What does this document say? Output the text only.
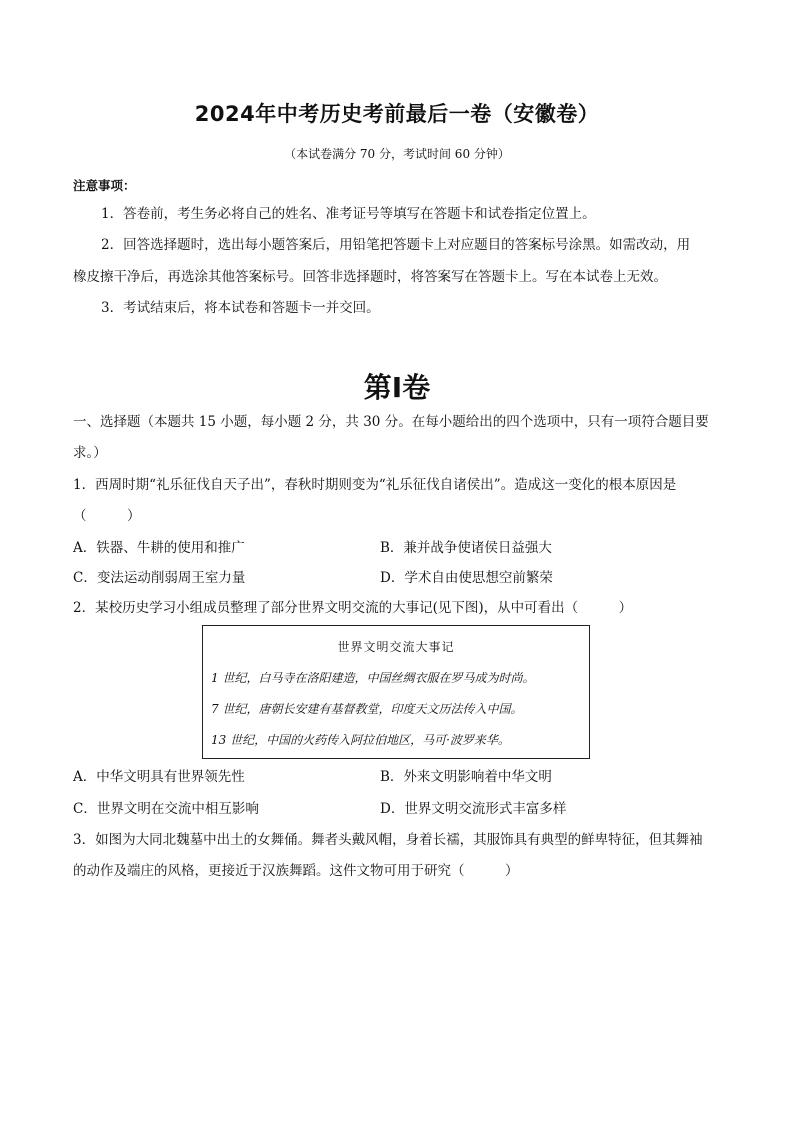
2024年中考历史考前最后一卷（安徽卷）
（本试卷满分 70 分，考试时间 60 分钟）
注意事项：
1．答卷前，考生务必将自己的姓名、准考证号等填写在答题卡和试卷指定位置上。
2．回答选择题时，选出每小题答案后，用铅笔把答题卡上对应题目的答案标号涂黑。如需改动，用
橡皮擦干净后，再选涂其他答案标号。回答非选择题时，将答案写在答题卡上。写在本试卷上无效。
3．考试结束后，将本试卷和答题卡一并交回。
第Ⅰ卷
一、选择题（本题共 15 小题，每小题 2 分，共 30 分。在每小题给出的四个选项中，只有一项符合题目要
求。）
1．西周时期“礼乐征伐自天子出”，春秋时期则变为“礼乐征伐自诸侯出”。造成这一变化的根本原因是
（　　　）
A．铁器、牛耕的使用和推广	B．兼并战争使诸侯日益强大
C．变法运动削弱周王室力量	D．学术自由使思想空前繁荣
2．某校历史学习小组成员整理了部分世界文明交流的大事记(见下图)，从中可看出（　　　）
世界文明交流大事记
1 世纪，白马寺在洛阳建造，中国丝绸衣服在罗马成为时尚。
7 世纪，唐朝长安建有基督教堂，印度天文历法传入中国。
13 世纪，中国的火药传入阿拉伯地区，马可·波罗来华。
A．中华文明具有世界领先性	B．外来文明影响着中华文明
C．世界文明在交流中相互影响	D．世界文明交流形式丰富多样
3．如图为大同北魏墓中出土的女舞俑。舞者头戴风帽，身着长襦，其服饰具有典型的鲜卑特征，但其舞袖
的动作及端庄的风格，更接近于汉族舞蹈。这件文物可用于研究（　　　）
